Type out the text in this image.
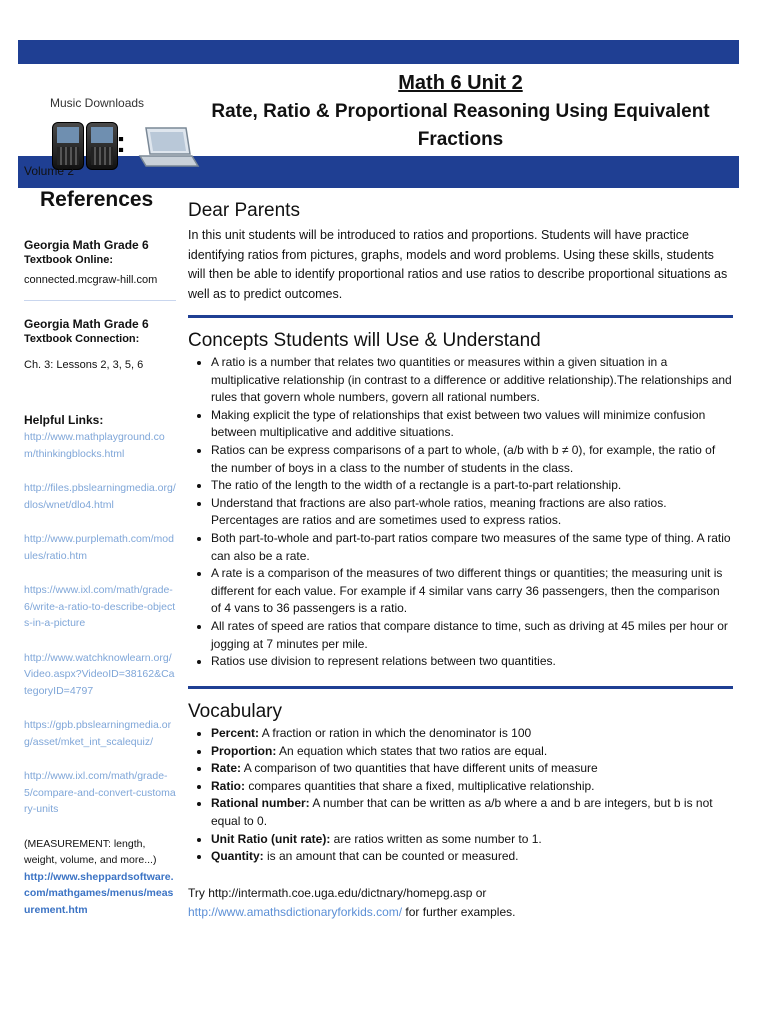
Math 6 Unit 2
Rate, Ratio & Proportional Reasoning Using Equivalent Fractions
Music Downloads
:
Volume 2
References
Georgia Math Grade 6
Textbook Online:
connected.mcgraw-hill.com
Georgia Math Grade 6
Textbook Connection:
Ch. 3: Lessons 2, 3, 5, 6
Helpful Links:
http://www.mathplayground.com/thinkingblocks.html
http://files.pbslearningmedia.org/dlos/wnet/dlo4.html
http://www.purplemath.com/modules/ratio.htm
https://www.ixl.com/math/grade-6/write-a-ratio-to-describe-objects-in-a-picture
http://www.watchknowlearn.org/Video.aspx?VideoID=38162&CategoryID=4797
https://gpb.pbslearningmedia.org/asset/mket_int_scalequiz/
http://www.ixl.com/math/grade-5/compare-and-convert-customary-units
(MEASUREMENT: length, weight, volume, and more...)
http://www.sheppardsoftware.com/mathgames/menus/measurement.htm
Dear Parents

In this unit students will be introduced to ratios and proportions. Students will have practice identifying ratios from pictures, graphs, models and word problems. Using these skills, students will then be able to identify proportional ratios and use ratios to describe proportional situations as well as to predict outcomes.

Concepts Students will Use & Understand
• A ratio is a number that relates two quantities or measures within a given situation in a multiplicative relationship (in contrast to a difference or additive relationship).The relationships and rules that govern whole numbers, govern all rational numbers.
• Making explicit the type of relationships that exist between two values will minimize confusion between multiplicative and additive situations.
• Ratios can be express comparisons of a part to whole, (a/b with b ≠ 0), for example, the ratio of the number of boys in a class to the number of students in the class.
• The ratio of the length to the width of a rectangle is a part-to-part relationship.
• Understand that fractions are also part-whole ratios, meaning fractions are also ratios. Percentages are ratios and are sometimes used to express ratios.
• Both part-to-whole and part-to-part ratios compare two measures of the same type of thing. A ratio can also be a rate.
• A rate is a comparison of the measures of two different things or quantities; the measuring unit is different for each value. For example if 4 similar vans carry 36 passengers, then the comparison of 4 vans to 36 passengers is a ratio.
• All rates of speed are ratios that compare distance to time, such as driving at 45 miles per hour or jogging at 7 minutes per mile.
• Ratios use division to represent relations between two quantities.
Vocabulary
• Percent: A fraction or ration in which the denominator is 100
• Proportion: An equation which states that two ratios are equal.
• Rate: A comparison of two quantities that have different units of measure
• Ratio: compares quantities that share a fixed, multiplicative relationship.
• Rational number: A number that can be written as a/b where a and b are integers, but b is not equal to 0.
• Unit Ratio (unit rate): are ratios written as some number to 1.
• Quantity: is an amount that can be counted or measured.

Try http://intermath.coe.uga.edu/dictnary/homepg.asp or
http://www.amathsdictionaryforkids.com/ for further examples.
